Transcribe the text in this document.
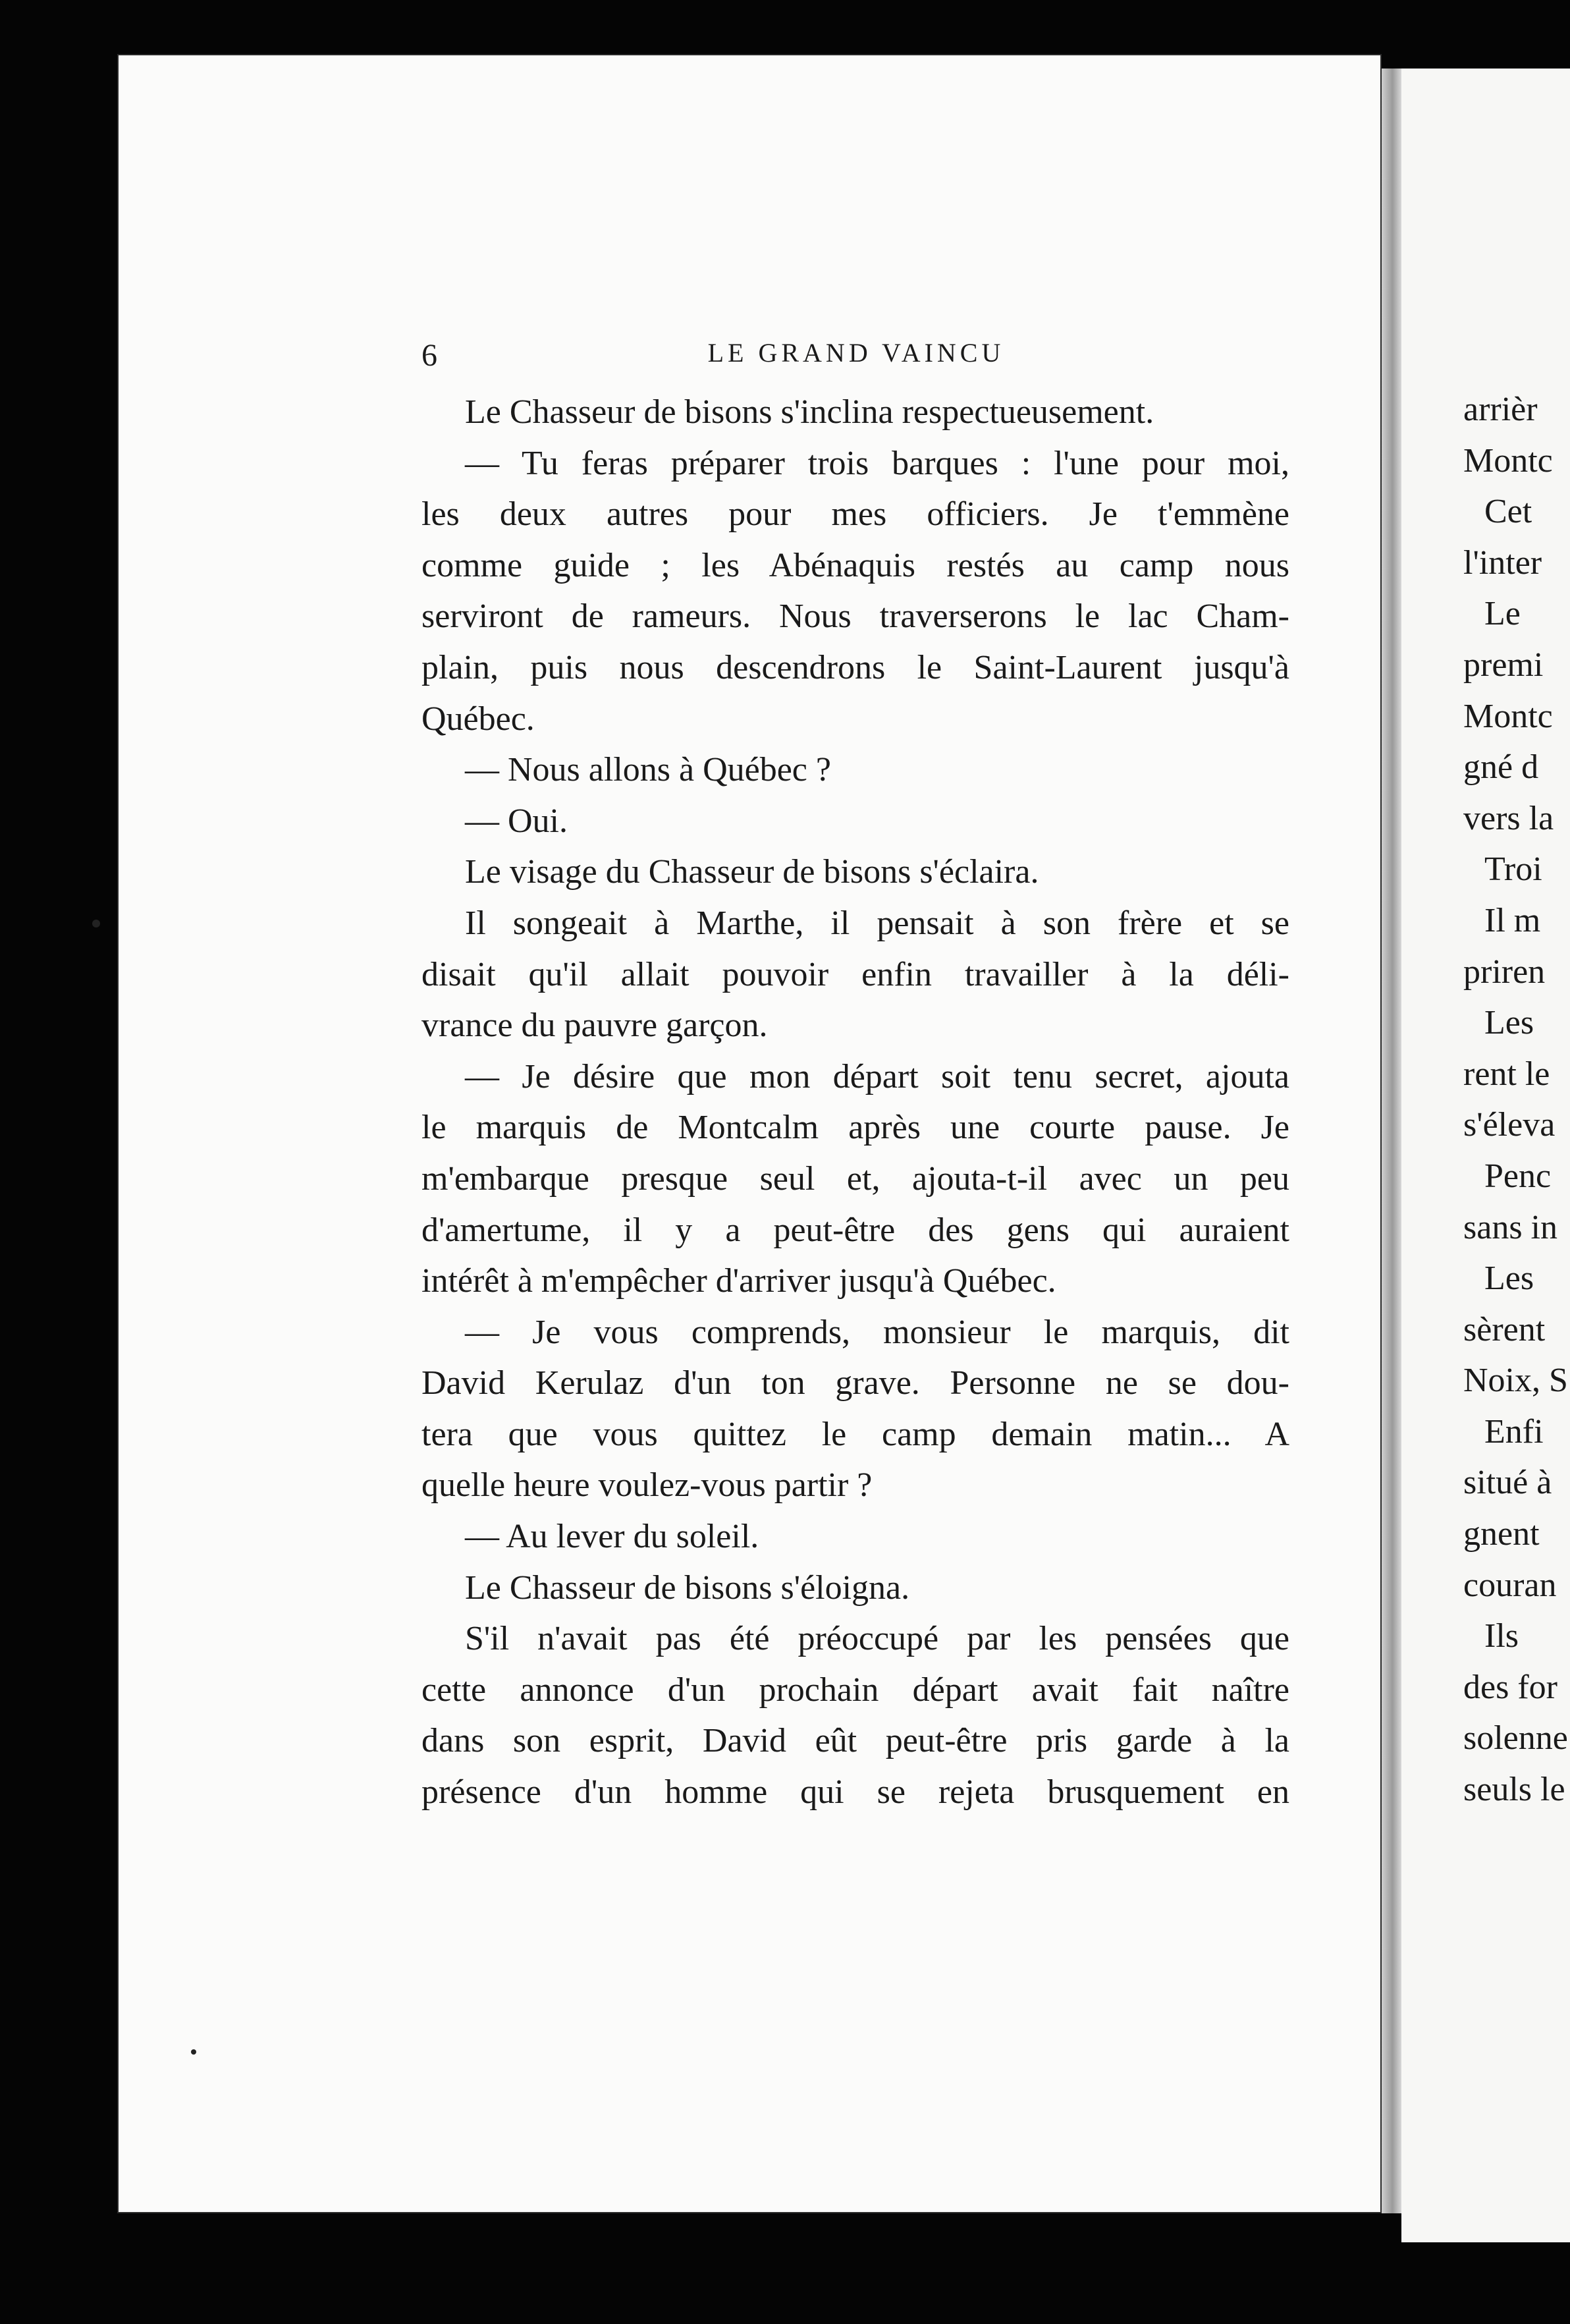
arrièr
Montc
Cet
l'inter
Le
premi
Montc
gné d
vers la
Troi
Il m
priren
Les
rent le
s'éleva
Penc
sans in
Les
sèrent
Noix, S
Enfi
situé à
gnent
couran
Ils
des for
solenne
seuls le
6	LE GRAND VAINCU
Le Chasseur de bisons s'inclina respectueusement.
— Tu feras préparer trois barques : l'une pour moi,
les deux autres pour mes officiers. Je t'emmène
comme guide ; les Abénaquis restés au camp nous
serviront de rameurs. Nous traverserons le lac Cham-
plain, puis nous descendrons le Saint-Laurent jusqu'à
Québec.
— Nous allons à Québec ?
— Oui.
Le visage du Chasseur de bisons s'éclaira.
Il songeait à Marthe, il pensait à son frère et se
disait qu'il allait pouvoir enfin travailler à la déli-
vrance du pauvre garçon.
— Je désire que mon départ soit tenu secret, ajouta
le marquis de Montcalm après une courte pause. Je
m'embarque presque seul et, ajouta-t-il avec un peu
d'amertume, il y a peut-être des gens qui auraient
intérêt à m'empêcher d'arriver jusqu'à Québec.
— Je vous comprends, monsieur le marquis, dit
David Kerulaz d'un ton grave. Personne ne se dou-
tera que vous quittez le camp demain matin... A
quelle heure voulez-vous partir ?
— Au lever du soleil.
Le Chasseur de bisons s'éloigna.
S'il n'avait pas été préoccupé par les pensées que
cette annonce d'un prochain départ avait fait naître
dans son esprit, David eût peut-être pris garde à la
présence d'un homme qui se rejeta brusquement en
